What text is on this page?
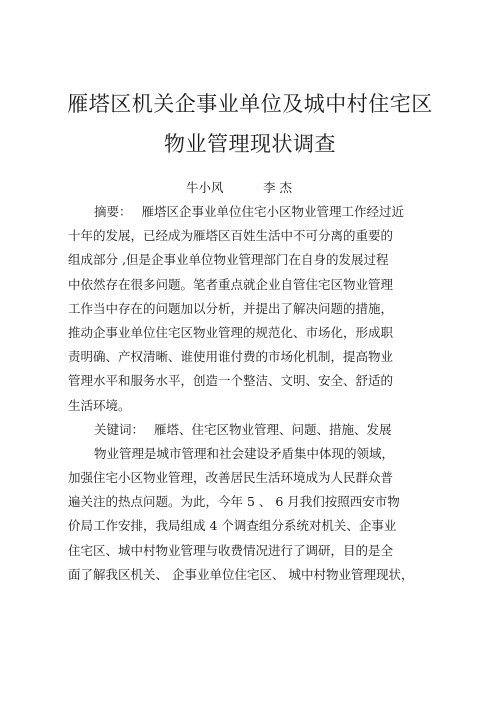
雁塔区机关企事业单位及城中村住宅区
物业管理现状调查
牛小风	李 杰
摘要： 雁塔区企事业单位住宅小区物业管理工作经过近
十年的发展，已经成为雁塔区百姓生活中不可分离的重要的
组成部分 ,但是企事业单位物业管理部门在自身的发展过程
中依然存在很多问题。笔者重点就企业自管住宅区物业管理
工作当中存在的问题加以分析，并提出了解决问题的措施，
推动企事业单位住宅区物业管理的规范化、市场化，形成职
责明确、产权清晰、谁使用谁付费的市场化机制，提高物业
管理水平和服务水平，创造一个整洁、文明、安全、舒适的
生活环境。
关键词： 雁塔、住宅区物业管理、问题、措施、发展
物业管理是城市管理和社会建设矛盾集中体现的领域，
加强住宅小区物业管理，改善居民生活环境成为人民群众普
遍关注的热点问题。为此，今年 5 、 6 月我们按照西安市物
价局工作安排，我局组成 4 个调查组分系统对机关、企事业
住宅区、城中村物业管理与收费情况进行了调研，目的是全
面了解我区机关、 企事业单位住宅区、 城中村物业管理现状，
